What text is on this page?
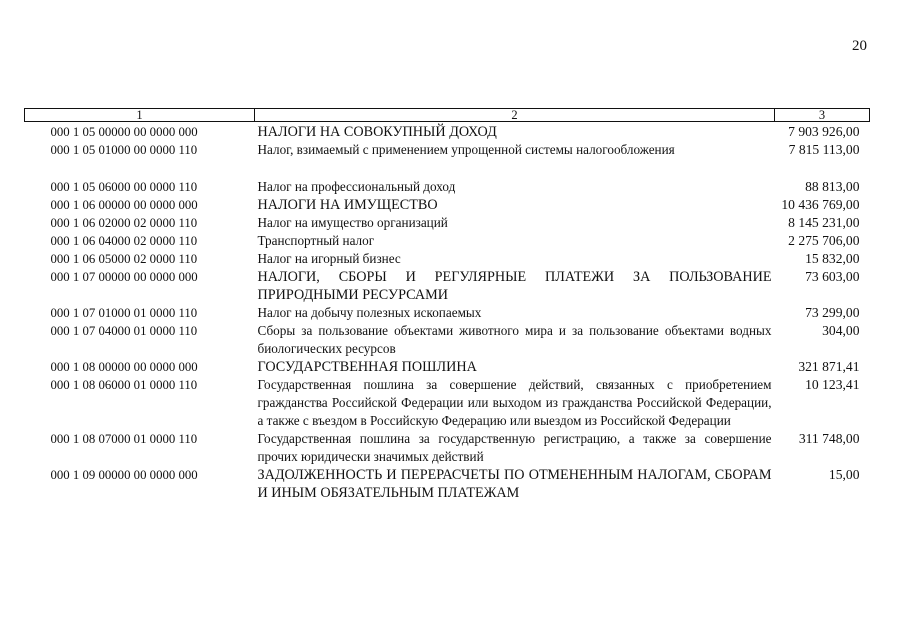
20
1	2	3
000 1 05 00000 00 0000 000	НАЛОГИ НА СОВОКУПНЫЙ ДОХОД	7 903 926,00
000 1 05 01000 00 0000 110	Налог, взимаемый с применением упрощенной системы налогообложения	7 815 113,00

000 1 05 06000 00 0000 110	Налог на профессиональный доход	88 813,00
000 1 06 00000 00 0000 000	НАЛОГИ НА ИМУЩЕСТВО	10 436 769,00
000 1 06 02000 02 0000 110	Налог на имущество организаций	8 145 231,00
000 1 06 04000 02 0000 110	Транспортный налог	2 275 706,00
000 1 06 05000 02 0000 110	Налог на игорный бизнес	15 832,00
000 1 07 00000 00 0000 000	НАЛОГИ, СБОРЫ И РЕГУЛЯРНЫЕ ПЛАТЕЖИ ЗА ПОЛЬЗОВАНИЕ ПРИРОДНЫМИ РЕСУРСАМИ	73 603,00
000 1 07 01000 01 0000 110	Налог на добычу полезных ископаемых	73 299,00
000 1 07 04000 01 0000 110	Сборы за пользование объектами животного мира и за пользование объектами водных биологических ресурсов	304,00
000 1 08 00000 00 0000 000	ГОСУДАРСТВЕННАЯ ПОШЛИНА	321 871,41
000 1 08 06000 01 0000 110	Государственная пошлина за совершение действий, связанных с приобретением гражданства Российской Федерации или выходом из гражданства Российской Федерации, а также с въездом в Российскую Федерацию или выездом из Российской Федерации	10 123,41
000 1 08 07000 01 0000 110	Государственная пошлина за государственную регистрацию, а также за совершение прочих юридически значимых действий	311 748,00
000 1 09 00000 00 0000 000	ЗАДОЛЖЕННОСТЬ И ПЕРЕРАСЧЕТЫ ПО ОТМЕНЕННЫМ НАЛОГАМ, СБОРАМ И ИНЫМ ОБЯЗАТЕЛЬНЫМ ПЛАТЕЖАМ	15,00
